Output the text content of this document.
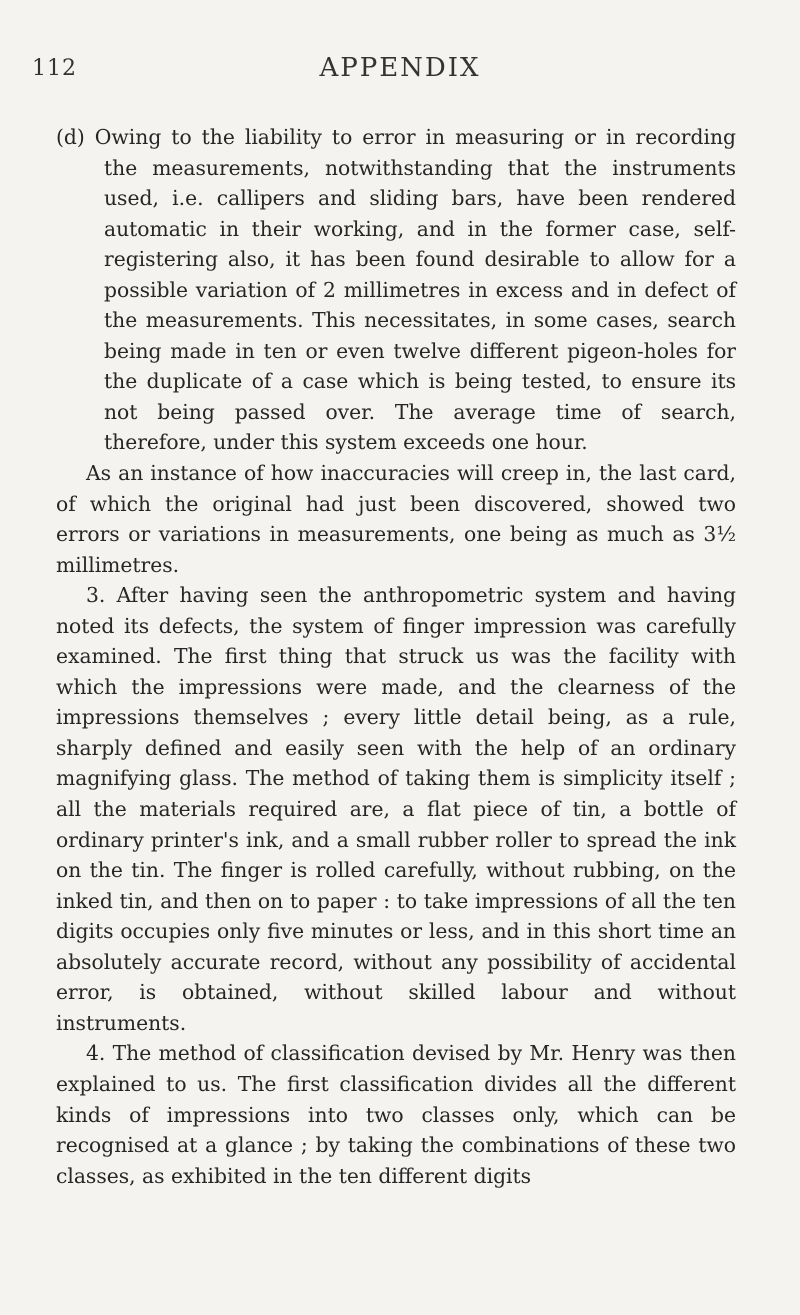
112	APPENDIX
(d) Owing to the liability to error in measuring or in recording the measurements, notwithstanding that the instruments used, i.e. callipers and sliding bars, have been rendered automatic in their working, and in the former case, self-registering also, it has been found desirable to allow for a possible variation of 2 millimetres in excess and in defect of the measurements. This necessitates, in some cases, search being made in ten or even twelve different pigeon-holes for the duplicate of a case which is being tested, to ensure its not being passed over. The average time of search, therefore, under this system exceeds one hour.

As an instance of how inaccuracies will creep in, the last card, of which the original had just been discovered, showed two errors or variations in measurements, one being as much as 3½ millimetres.

3. After having seen the anthropometric system and having noted its defects, the system of finger impression was carefully examined. The first thing that struck us was the facility with which the impressions were made, and the clearness of the impressions themselves ; every little detail being, as a rule, sharply defined and easily seen with the help of an ordinary magnifying glass. The method of taking them is simplicity itself ; all the materials required are, a flat piece of tin, a bottle of ordinary printer's ink, and a small rubber roller to spread the ink on the tin. The finger is rolled carefully, without rubbing, on the inked tin, and then on to paper : to take impressions of all the ten digits occupies only five minutes or less, and in this short time an absolutely accurate record, without any possibility of accidental error, is obtained, without skilled labour and without instruments.

4. The method of classification devised by Mr. Henry was then explained to us. The first classification divides all the different kinds of impressions into two classes only, which can be recognised at a glance ; by taking the combinations of these two classes, as exhibited in the ten different digits
